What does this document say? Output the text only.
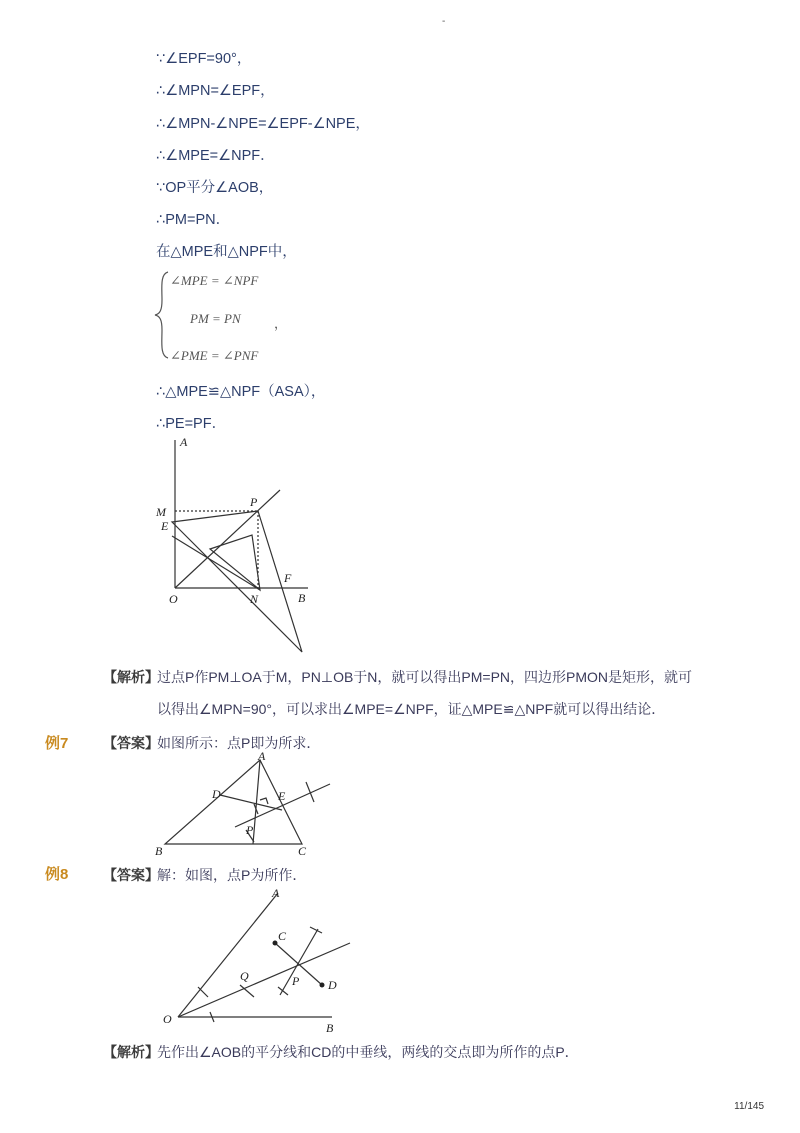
-
∵∠EPF=90°，
∴∠MPN=∠EPF，
∴∠MPN-∠NPE=∠EPF-∠NPE，
∴∠MPE=∠NPF．
∵OP平分∠AOB，
∴PM=PN．
在△MPE和△NPF中，
∠MPE = ∠NPF
PM = PN	，
∠PME = ∠PNF
∴△MPE≌△NPF（ASA），
∴PE=PF．
A
M
E
P
F
O	N	B
【解析】
过点P作PM⊥OA于M，PN⊥OB于N，就可以得出PM=PN，四边形PMON是矩形，就可
以得出∠MPN=90°，可以求出∠MPE=∠NPF，证△MPE≌△NPF就可以得出结论．
例7 【答案】
如图所示：点P即为所求．
A
D	E
P
B	C
例8 【答案】
解：如图，点P为所作．
A
C
Q	P D
O
B
【解析】
先作出∠AOB的平分线和CD的中垂线，两线的交点即为所作的点P．
11/145
